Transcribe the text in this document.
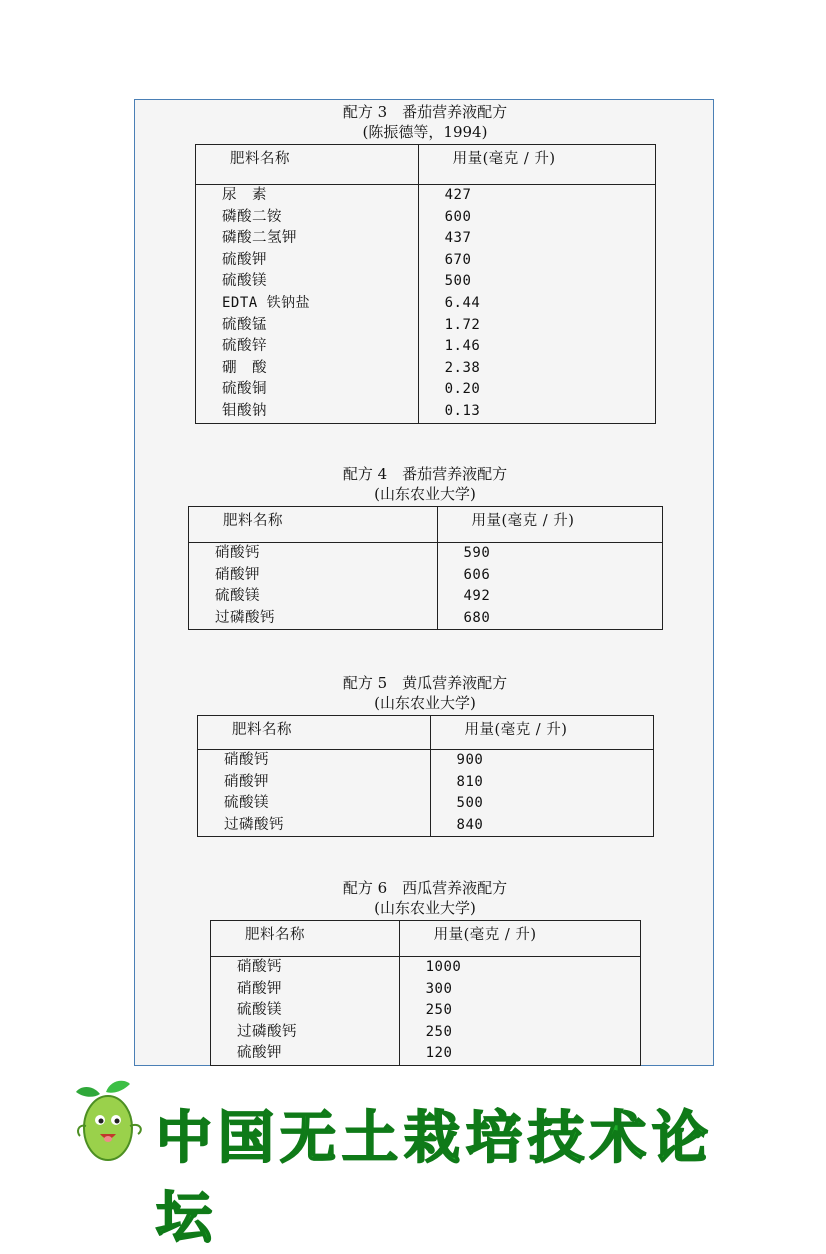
配方 3　番茄营养液配方
(陈振德等，1994)
肥料名称	用量(毫克 / 升)
尿　素	427
磷酸二铵	600
磷酸二氢钾	437
硫酸钾	670
硫酸镁	500
EDTA 铁钠盐	6.44
硫酸锰	1.72
硫酸锌	1.46
硼　酸	2.38
硫酸铜	0.20
钼酸钠	0.13
配方 4　番茄营养液配方
(山东农业大学)
肥料名称	用量(毫克 / 升)
硝酸钙	590
硝酸钾	606
硫酸镁	492
过磷酸钙	680
配方 5　黄瓜营养液配方
(山东农业大学)
肥料名称	用量(毫克 / 升)
硝酸钙	900
硝酸钾	810
硫酸镁	500
过磷酸钙	840
配方 6　西瓜营养液配方
(山东农业大学)
肥料名称	用量(毫克 / 升)
硝酸钙	1000
硝酸钾	300
硫酸镁	250
过磷酸钙	250
硫酸钾	120
中国无土栽培技术论坛
